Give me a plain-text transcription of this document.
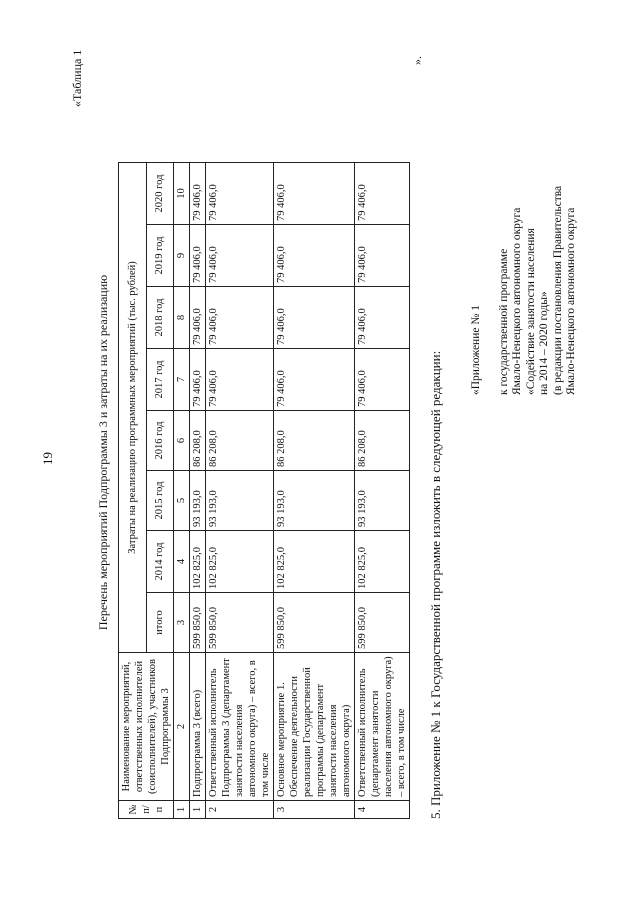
19
«Таблица 1
Перечень мероприятий Подпрограммы 3 и затраты на их реализацию
№ п/п	Наименование мероприятий, ответственных исполнителей (соисполнителей), участников Подпрограммы 3	Затраты на реализацию программных мероприятий (тыс. рублей)							
		итого	2014 год	2015 год	2016 год	2017 год	2018 год	2019 год	2020 год
1	2	3	4	5	6	7	8	9	10
1	Подпрограмма 3 (всего)	599 850,0	102 825,0	93 193,0	86 208,0	79 406,0	79 406,0	79 406,0	79 406,0
2	Ответственный исполнитель Подпрограммы 3 (департамент занятости населения автономного округа) – всего, в том числе	599 850,0	102 825,0	93 193,0	86 208,0	79 406,0	79 406,0	79 406,0	79 406,0
3	Основное мероприятие 1. Обеспечение деятельности реализации Государственной программы (департамент занятости населения автономного округа)	599 850,0	102 825,0	93 193,0	86 208,0	79 406,0	79 406,0	79 406,0	79 406,0
4	Ответственный исполнитель (департамент занятости населения автономного округа) – всего, в том числе	599 850,0	102 825,0	93 193,0	86 208,0	79 406,0	79 406,0	79 406,0	79 406,0
».
5. Приложение № 1 к Государственной программе изложить в следующей редакции:
«Приложение № 1 к государственной программе Ямало-Ненецкого автономного округа «Содействие занятости населения на 2014 – 2020 годы» (в редакции постановления Правительства Ямало-Ненецкого автономного округа
